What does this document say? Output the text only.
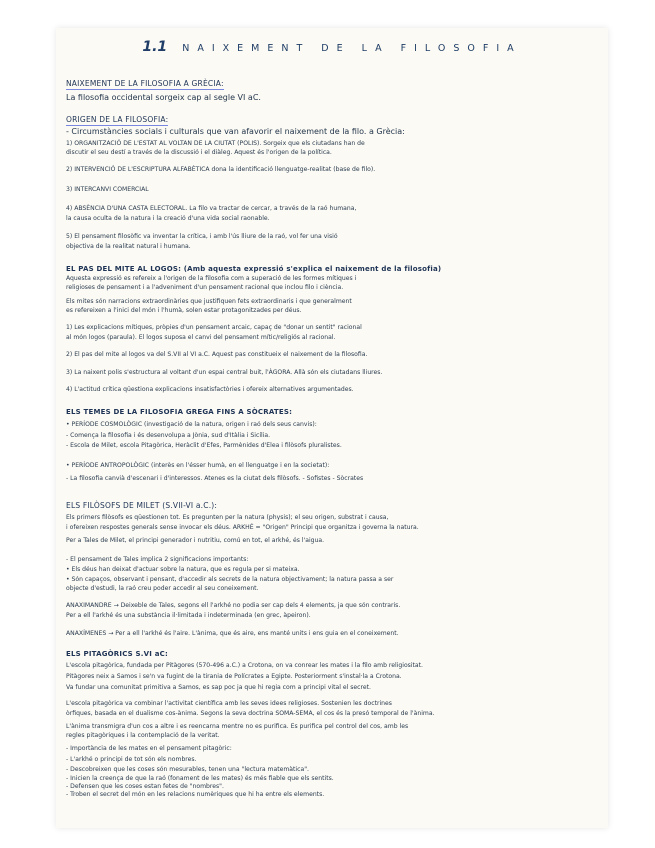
1.1 NAIXEMENT DE LA FILOSOFIA
NAIXEMENT DE LA FILOSOFIA A GRÈCIA:
La filosofia occidental sorgeix cap al segle VI aC.
ORIGEN DE LA FILOSOFIA:
- Circumstàncies socials i culturals que van afavorir el naixement de la filo. a Grècia:
1) ORGANITZACIÓ DE L'ESTAT AL VOLTAN DE LA CIUTAT (POLIS). Sorgeix que els ciutadans han de
discutir el seu destí a través de la discussió i el diàleg. Aquest és l'origen de la política.
2) INTERVENCIÓ DE L'ESCRIPTURA ALFABÈTICA dona la identificació llenguatge-realitat (base de filo).
3) INTERCANVI COMERCIAL
4) ABSÈNCIA D'UNA CASTA ELECTORAL. La filo va tractar de cercar, a través de la raó humana,
la causa oculta de la natura i la creació d'una vida social raonable.
5) El pensament filosòfic va inventar la crítica, i amb l'ús lliure de la raó, vol fer una visió
objectiva de la realitat natural i humana.
EL PAS DEL MITE AL LOGOS: (Amb aquesta expressió s'explica el naixement de la filosofia)
Aquesta expressió es refereix a l'origen de la filosofia com a superació de les formes mítiques i
religioses de pensament i a l'adveniment d'un pensament racional que inclou filo i ciència.
Els mites són narracions extraordinàries que justifiquen fets extraordinaris i que generalment
es refereixen a l'inici del món i l'humà, solen estar protagonitzades per déus.
1) Les explicacions mítiques, pròpies d'un pensament arcaic, capaç de "donar un sentit" racional
al món logos (paraula). El logos suposa el canvi del pensament mític/religiós al racional.
2) El pas del mite al logos va del S.VII al VI a.C. Aquest pas constitueix el naixement de la filosofia.
3) La naixent polis s'estructura al voltant d'un espai central buit, l'ÀGORA. Allà són els ciutadans lliures.
4) L'actitud crítica qüestiona explicacions insatisfactòries i ofereix alternatives argumentades.
ELS TEMES DE LA FILOSOFIA GREGA FINS A SÒCRATES:
• PERÍODE COSMOLÒGIC (investigació de la natura, origen i raó dels seus canvis):
- Comença la filosofia i és desenvolupa a Jònia, sud d'Itàlia i Sicília.
- Escola de Milet, escola Pitagòrica, Heràclit d'Efes, Parmènides d'Elea i filòsofs pluralistes.
• PERÍODE ANTROPOLÒGIC (interès en l'ésser humà, en el llenguatge i en la societat):
- La filosofia canvià d'escenari i d'interessos. Atenes es la ciutat dels filòsofs. - Sofistes - Sòcrates
ELS FILÒSOFS DE MILET (S.VII-VI a.C.):
Els primers filòsofs es qüestionen tot. Es pregunten per la natura (physis); el seu origen, substrat i causa,
i ofereixen respostes generals sense invocar els déus. ARKHÉ = "Origen" Principi que organitza i governa la natura.
Per a Tales de Milet, el principi generador i nutritiu, comú en tot, el arkhé, és l'aigua.
- El pensament de Tales implica 2 significacions importants:
• Els déus han deixat d'actuar sobre la natura, que es regula per si mateixa.
• Són capaços, observant i pensant, d'accedir als secrets de la natura objectivament; la natura passa a ser
objecte d'estudi, la raó creu poder accedir al seu coneixement.
ANAXIMANDRE → Deixeble de Tales, segons ell l'arkhé no podia ser cap dels 4 elements, ja que són contraris.
Per a ell l'arkhé és una substància il·limitada i indeterminada (en grec, àpeiron).
ANAXÍMENES → Per a ell l'arkhé és l'aire. L'ànima, que és aire, ens manté units i ens guia en el coneixement.
ELS PITAGÒRICS S.VI aC:
L'escola pitagòrica, fundada per Pitàgores (570-496 a.C.) a Crotona, on va conrear les mates i la filo amb religiositat.
Pitàgores neix a Samos i se'n va fugint de la tirania de Polícrates a Egipte. Posteriorment s'instal·la a Crotona.
Va fundar una comunitat primitiva a Samos, es sap poc ja que hi regia com a principi vital el secret.
L'escola pitagòrica va combinar l'activitat científica amb les seves idees religioses. Sostenien les doctrines
òrfiques, basada en el dualisme cos-ànima. Segons la seva doctrina SOMA-SEMA, el cos és la presó temporal de l'ànima.
L'ànima transmigra d'un cos a altre i es reencarna mentre no es purifica. Es purifica pel control del cos, amb les
regles pitagòriques i la contemplació de la veritat.
- Importància de les mates en el pensament pitagòric:
- L'arkhé o principi de tot són els nombres.
- Descobreixen que les coses són mesurables, tenen una "lectura matemàtica".
- Inicien la creença de que la raó (fonament de les mates) és més fiable que els sentits.
- Defensen que les coses estan fetes de "nombres".
- Troben el secret del món en les relacions numèriques que hi ha entre els elements.
